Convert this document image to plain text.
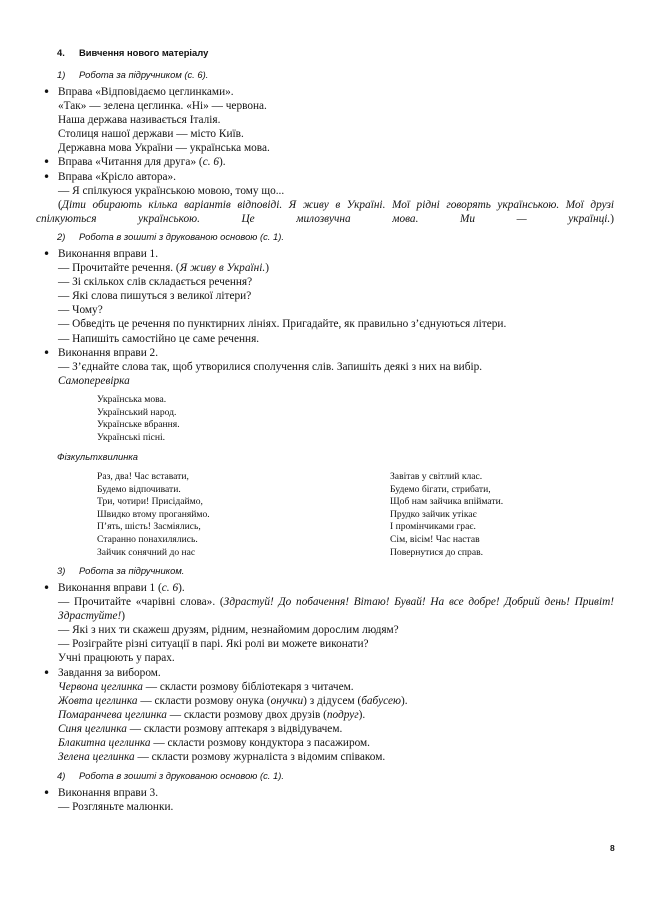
4. Вивчення нового матеріалу
1) Робота за підручником (с. 6).
• Вправа «Відповідаємо цеглинками».
«Так» — зелена цеглинка. «Ні» — червона.
Наша держава називається Італія.
Столиця нашої держави — місто Київ.
Державна мова України — українська мова.
• Вправа «Читання для друга» (с. 6).
• Вправа «Крісло автора».
— Я спілкуюся українською мовою, тому що...
(Діти обирають кілька варіантів відповіді. Я живу в Україні. Мої рідні говорять українською. Мої друзі спілкуються українською. Це милозвучна мова. Ми — українці.)
2) Робота в зошиті з друкованою основою (с. 1).
• Виконання вправи 1.
— Прочитайте речення. (Я живу в Україні.)
— Зі скількох слів складається речення?
— Які слова пишуться з великої літери?
— Чому?
— Обведіть це речення по пунктирних лініях. Пригадайте, як правильно з’єднуються літери.
— Напишіть самостійно це саме речення.
• Виконання вправи 2.
— З’єднайте слова так, щоб утворилися сполучення слів. Запишіть деякі з них на вибір.
Самоперевірка
Українська мова.
Український народ.
Українське вбрання.
Українські пісні.
Фізкультхвилинка
Раз, два! Час вставати,
Будемо відпочивати.
Три, чотири! Присідаймо,
Швидко втому проганяймо.
П’ять, шість! Засміялись,
Старанно понахилялись.
Зайчик сонячний до нас
Завітав у світлий клас.
Будемо бігати, стрибати,
Щоб нам зайчика впіймати.
Прудко зайчик утікає
І промінчиками грає.
Сім, вісім! Час настав
Повернутися до справ.
3) Робота за підручником.
• Виконання вправи 1 (с. 6).
— Прочитайте «чарівні слова». (Здрастуй! До побачення! Вітаю! Бувай! На все добре! Добрий день! Привіт! Здрастуйте!)
— Які з них ти скажеш друзям, рідним, незнайомим дорослим людям?
— Розіграйте різні ситуації в парі. Які ролі ви можете виконати?
Учні працюють у парах.
• Завдання за вибором.
Червона цеглинка — скласти розмову бібліотекаря з читачем.
Жовта цеглинка — скласти розмову онука (онучки) з дідусем (бабусею).
Помаранчева цеглинка — скласти розмову двох друзів (подруг).
Синя цеглинка — скласти розмову аптекаря з відвідувачем.
Блакитна цеглинка — скласти розмову кондуктора з пасажиром.
Зелена цеглинка — скласти розмову журналіста з відомим співаком.
4) Робота в зошиті з друкованою основою (с. 1).
• Виконання вправи 3.
— Розгляньте малюнки.
8
